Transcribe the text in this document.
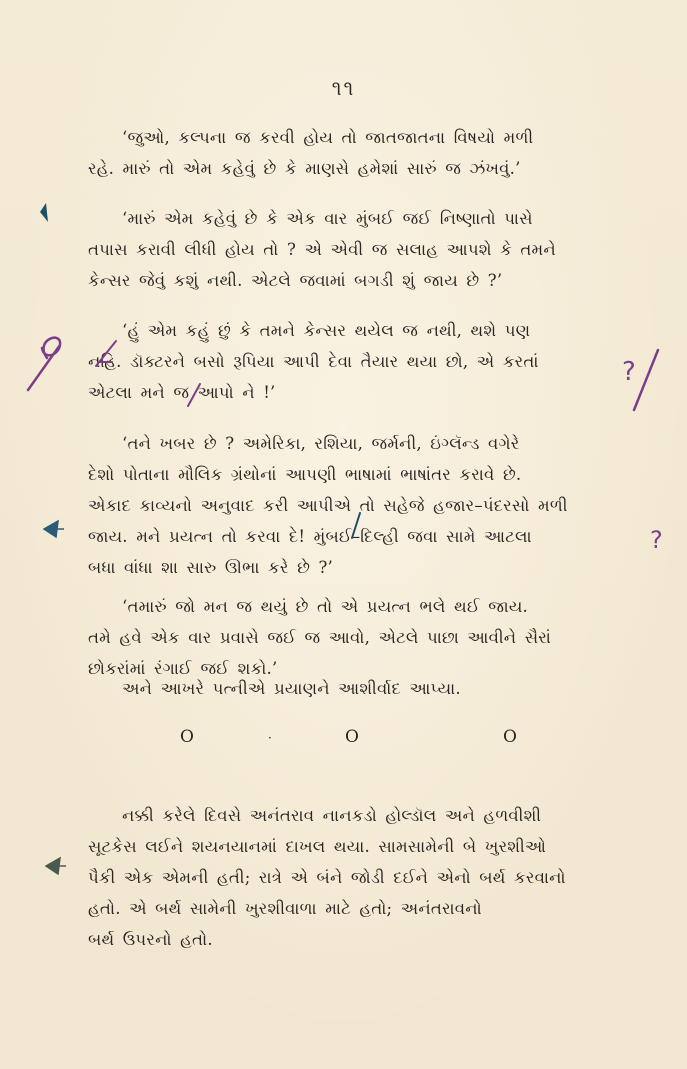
૧૧

‘જુઓ, કલ્પના જ કરવી હોય તો જાતજાતના વિષયો મળી
રહે. મારું તો એમ કહેવું છે કે માણસે હમેશાં સારું જ ઝંખવું.’

‘મારું એમ કહેવું છે કે એક વાર મુંબઈ જઈ નિષ્ણાતો પાસે
તપાસ કરાવી લીધી હોય તો ? એ એવી જ સલાહ આપશે કે તમને
કેન્સર જેવું કશું નથી. એટલે જવામાં બગડી શું જાય છે ?’

‘હું એમ કહું છું કે તમને કેન્સર થયેલ જ નથી, થશે પણ
નહિ. ડૉક્ટરને બસો રૂપિયા આપી દેવા તૈયાર થયા છો, એ કરતાં
એટલા મને જ આપો ને !’

‘તને ખબર છે ? અમેરિકા, રશિયા, જર્મની, ઇંગ્લૅન્ડ વગેરે
દેશો પોતાના મૌલિક ગ્રંથોનાં આપણી ભાષામાં ભાષાંતર કરાવે છે.
એકાદ કાવ્યનો અનુવાદ કરી આપીએ તો સહેજે હજાર–પંદરસો મળી
જાય. મને પ્રયત્ન તો કરવા દે! મુંબઈ–દિલ્હી જવા સામે આટલા
બધા વાંધા શા સારુ ઊભા કરે છે ?’

‘તમારું જો મન જ થયું છે તો એ પ્રયત્ન ભલે થઈ જાય.
તમે હવે એક વાર પ્રવાસે જઈ જ આવો, એટલે પાછા આવીને સૈરાં
છોકરાંમાં રંગાઈ જઈ શકો.’

અને આખરે પત્નીએ પ્રયાણને આશીર્વાદ આપ્યા.

O	·	O	O

નક્કી કરેલે દિવસે અનંતરાવ નાનકડો હોલ્ડૉલ અને હળવીશી
સૂટકેસ લઈને શયનયાનમાં દાખલ થયા. સામસામેની બે ખુરશીઓ
પૈકી એક એમની હતી; રાત્રે એ બંને જોડી દઈને એનો બર્થ કરવાનો
હતો. એ બર્થ સામેની ખુરશીવાળા માટે હતો; અનંતરાવનો
બર્થ ઉપરનો હતો.

?
?
